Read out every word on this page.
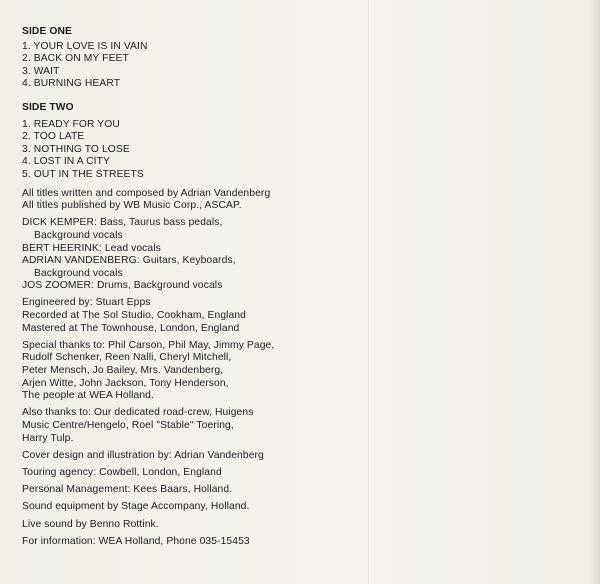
SIDE ONE
1. YOUR LOVE IS IN VAIN
2. BACK ON MY FEET
3. WAIT
4. BURNING HEART
SIDE TWO
1. READY FOR YOU
2. TOO LATE
3. NOTHING TO LOSE
4. LOST IN A CITY
5. OUT IN THE STREETS
All titles written and composed by Adrian Vandenberg
All titles published by WB Music Corp., ASCAP.
DICK KEMPER: Bass, Taurus bass pedals,
Background vocals
BERT HEERINK: Lead vocals
ADRIAN VANDENBERG: Guitars, Keyboards,
Background vocals
JOS ZOOMER: Drums, Background vocals
Engineered by: Stuart Epps
Recorded at The Sol Studio, Cookham, England
Mastered at The Townhouse, London, England
Special thanks to: Phil Carson, Phil May, Jimmy Page,
Rudolf Schenker, Reen Nalli, Cheryl Mitchell,
Peter Mensch, Jo Bailey, Mrs. Vandenberg,
Arjen Witte, John Jackson, Tony Henderson,
The people at WEA Holland.
Also thanks to: Our dedicated road-crew, Huigens
Music Centre/Hengelo, Roel "Stable" Toering,
Harry Tulp.
Cover design and illustration by: Adrian Vandenberg
Touring agency: Cowbell, London, England
Personal Management: Kees Baars, Holland.
Sound equipment by Stage Accompany, Holland.
Live sound by Benno Rottink.
For information: WEA Holland, Phone 035-15453
